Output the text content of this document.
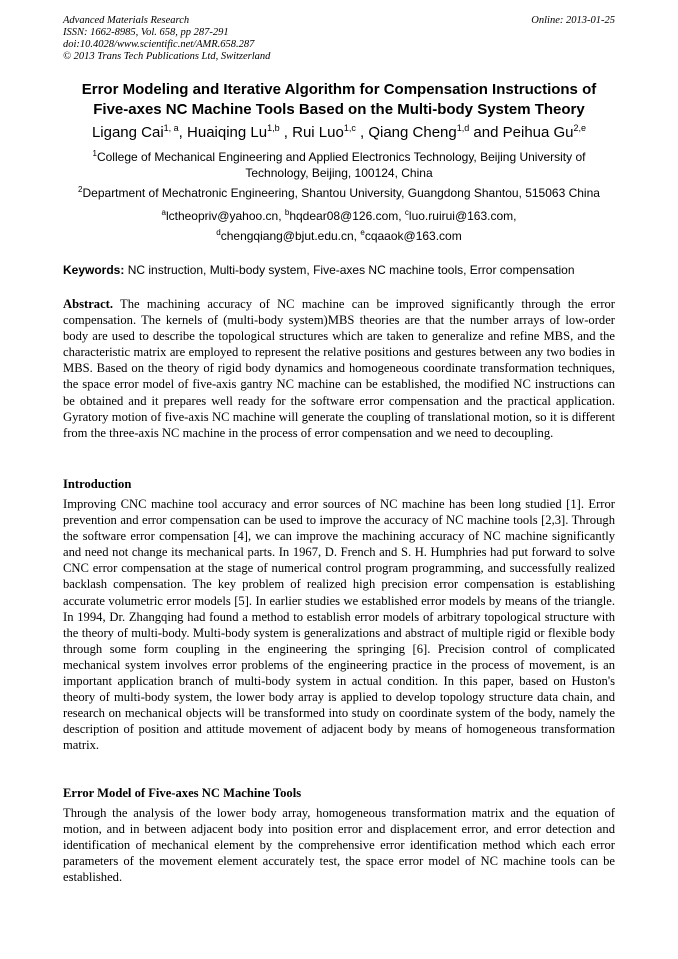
Advanced Materials Research
ISSN: 1662-8985, Vol. 658, pp 287-291
doi:10.4028/www.scientific.net/AMR.658.287
© 2013 Trans Tech Publications Ltd, Switzerland
Online: 2013-01-25
Error Modeling and Iterative Algorithm for Compensation Instructions of
Five-axes NC Machine Tools Based on the Multi-body System Theory
Ligang Cai$^{1, a}$, Huaiqing Lu$^{1,b}$ , Rui Luo$^{1,c}$ , Qiang Cheng$^{1,d}$ and Peihua Gu$^{2,e}$
$^1$College of Mechanical Engineering and Applied Electronics Technology, Beijing University of
Technology, Beijing, 100124, China
$^2$Department of Mechatronic Engineering, Shantou University, Guangdong Shantou, 515063 China
$^a$lctheopriv@yahoo.cn, $^b$hqdear08@126.com, $^c$luo.ruirui@163.com,
$^d$chengqiang@bjut.edu.cn, $^e$cqaaok@163.com
Keywords: NC instruction, Multi-body system, Five-axes NC machine tools, Error compensation
Abstract. The machining accuracy of NC machine can be improved significantly through the error compensation. The kernels of (multi-body system)MBS theories are that the number arrays of low-order body are used to describe the topological structures which are taken to generalize and refine MBS, and the characteristic matrix are employed to represent the relative positions and gestures between any two bodies in MBS. Based on the theory of rigid body dynamics and homogeneous coordinate transformation techniques, the space error model of five-axis gantry NC machine can be established, the modified NC instructions can be obtained and it prepares well ready for the software error compensation and the practical application. Gyratory motion of five-axis NC machine will generate the coupling of translational motion, so it is different from the three-axis NC machine in the process of error compensation and we need to decoupling.
Introduction
Improving CNC machine tool accuracy and error sources of NC machine has been long studied [1]. Error prevention and error compensation can be used to improve the accuracy of NC machine tools [2,3]. Through the software error compensation [4], we can improve the machining accuracy of NC machine significantly and need not change its mechanical parts. In 1967, D. French and S. H. Humphries had put forward to solve CNC error compensation at the stage of numerical control program programming, and successfully realized backlash compensation. The key problem of realized high precision error compensation is establishing accurate volumetric error models [5]. In earlier studies we established error models by means of the triangle. In 1994, Dr. Zhangqing had found a method to establish error models of arbitrary topological structure with the theory of multi-body. Multi-body system is generalizations and abstract of multiple rigid or flexible body through some form coupling in the engineering the springing [6]. Precision control of complicated mechanical system involves error problems of the engineering practice in the process of movement, is an important application branch of multi-body system in actual condition. In this paper, based on Huston's theory of multi-body system, the lower body array is applied to develop topology structure data chain, and research on mechanical objects will be transformed into study on coordinate system of the body, namely the description of position and attitude movement of adjacent body by means of homogeneous transformation matrix.
Error Model of Five-axes NC Machine Tools
Through the analysis of the lower body array, homogeneous transformation matrix and the equation of motion, and in between adjacent body into position error and displacement error, and error detection and identification of mechanical element by the comprehensive error identification method which each error parameters of the movement element accurately test, the space error model of NC machine tools can be established.
